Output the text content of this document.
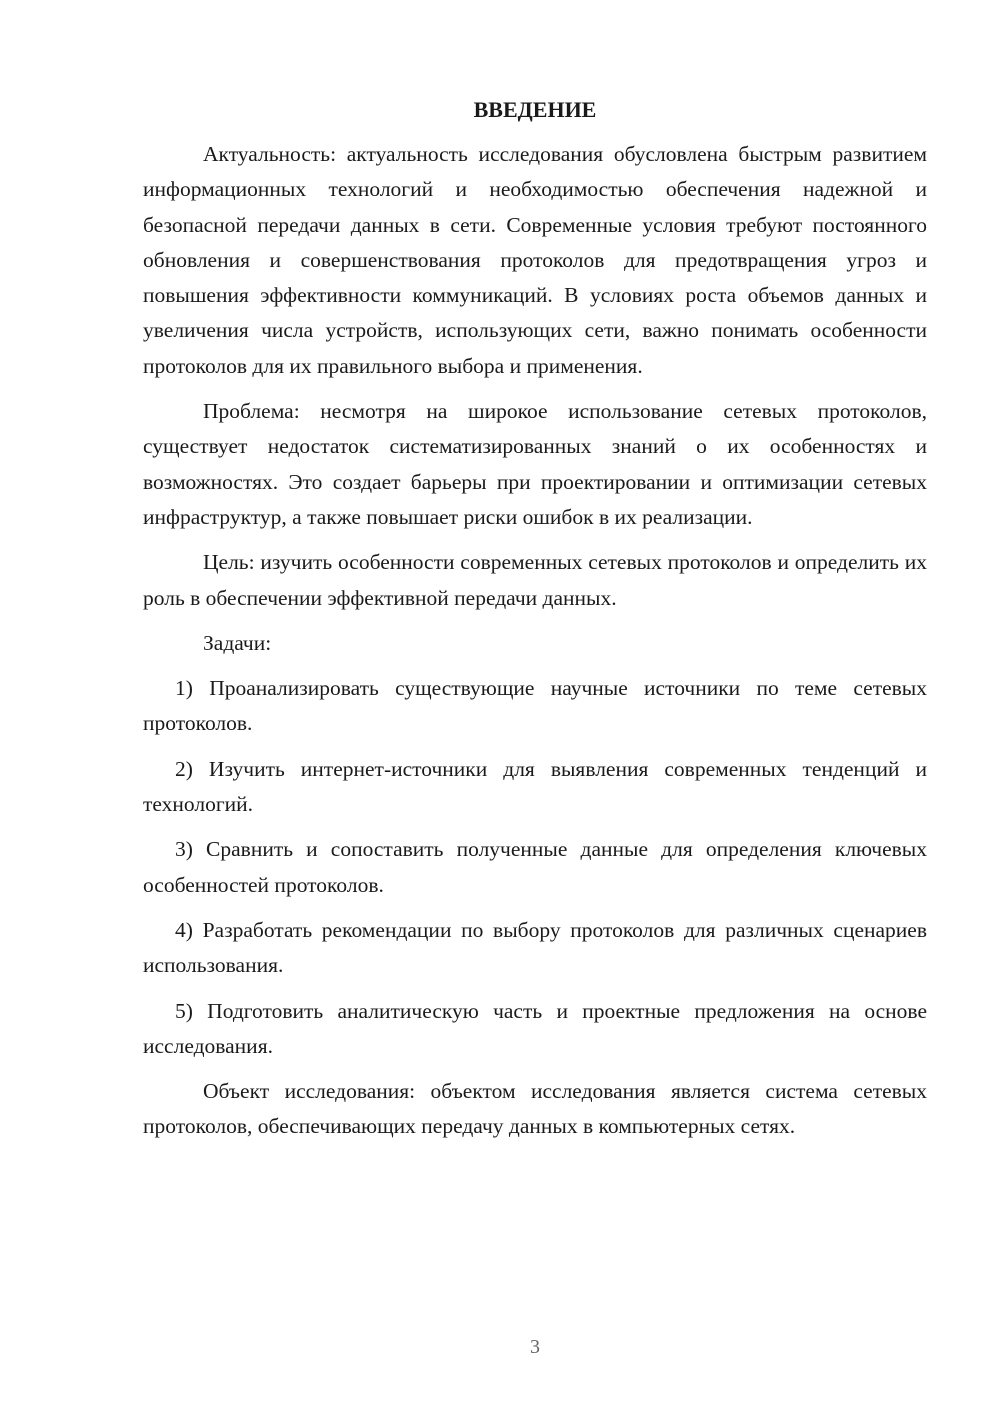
ВВЕДЕНИЕ

Актуальность: актуальность исследования обусловлена быстрым развитием информационных технологий и необходимостью обеспечения надежной и безопасной передачи данных в сети. Современные условия требуют постоянного обновления и совершенствования протоколов для предотвращения угроз и повышения эффективности коммуникаций. В условиях роста объемов данных и увеличения числа устройств, использующих сети, важно понимать особенности протоколов для их правильного выбора и применения.

Проблема: несмотря на широкое использование сетевых протоколов, существует недостаток систематизированных знаний о их особенностях и возможностях. Это создает барьеры при проектировании и оптимизации сетевых инфраструктур, а также повышает риски ошибок в их реализации.

Цель: изучить особенности современных сетевых протоколов и определить их роль в обеспечении эффективной передачи данных.

Задачи:

1) Проанализировать существующие научные источники по теме сетевых протоколов.

2) Изучить интернет-источники для выявления современных тенденций и технологий.

3) Сравнить и сопоставить полученные данные для определения ключевых особенностей протоколов.

4) Разработать рекомендации по выбору протоколов для различных сценариев использования.

5) Подготовить аналитическую часть и проектные предложения на основе исследования.

Объект исследования: объектом исследования является система сетевых протоколов, обеспечивающих передачу данных в компьютерных сетях.

3
